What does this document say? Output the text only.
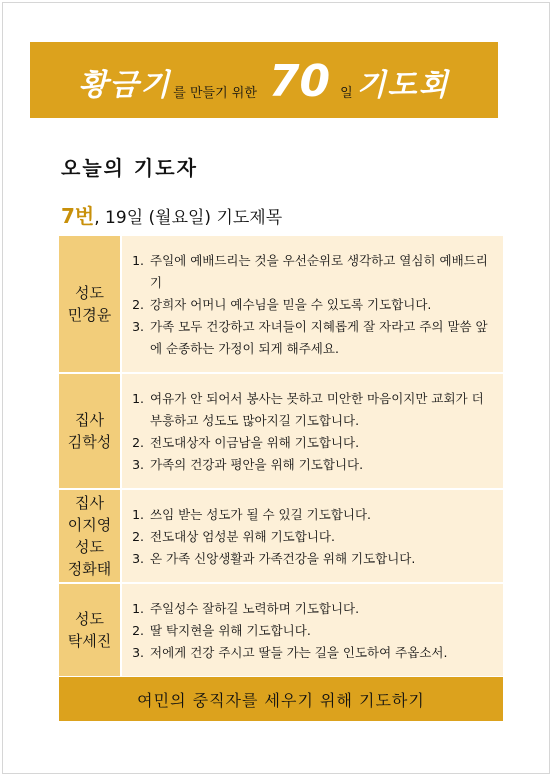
황금기 를 만들기 위한 70 일 기도회
오늘의 기도자
7번, 19일 (월요일) 기도제목
성도
민경윤
1. 주일에 예배드리는 것을 우선순위로 생각하고 열심히 예배드리기
2. 강희자 어머니 예수님을 믿을 수 있도록 기도합니다.
3. 가족 모두 건강하고 자녀들이 지혜롭게 잘 자라고 주의 말씀 앞에 순종하는 가정이 되게 해주세요.
집사
김학성
1. 여유가 안 되어서 봉사는 못하고 미안한 마음이지만 교회가 더 부흥하고 성도도 많아지길 기도합니다.
2. 전도대상자 이금남을 위해 기도합니다.
3. 가족의 건강과 평안을 위해 기도합니다.
집사
이지영
성도
정화태
1. 쓰임 받는 성도가 될 수 있길 기도합니다.
2. 전도대상 엄성분 위해 기도합니다.
3. 온 가족 신앙생활과 가족건강을 위해 기도합니다.
성도
탁세진
1. 주일성수 잘하길 노력하며 기도합니다.
2. 딸 탁지현을 위해 기도합니다.
3. 저에게 건강 주시고 딸들 가는 길을 인도하여 주옵소서.
여민의 중직자를 세우기 위해 기도하기
